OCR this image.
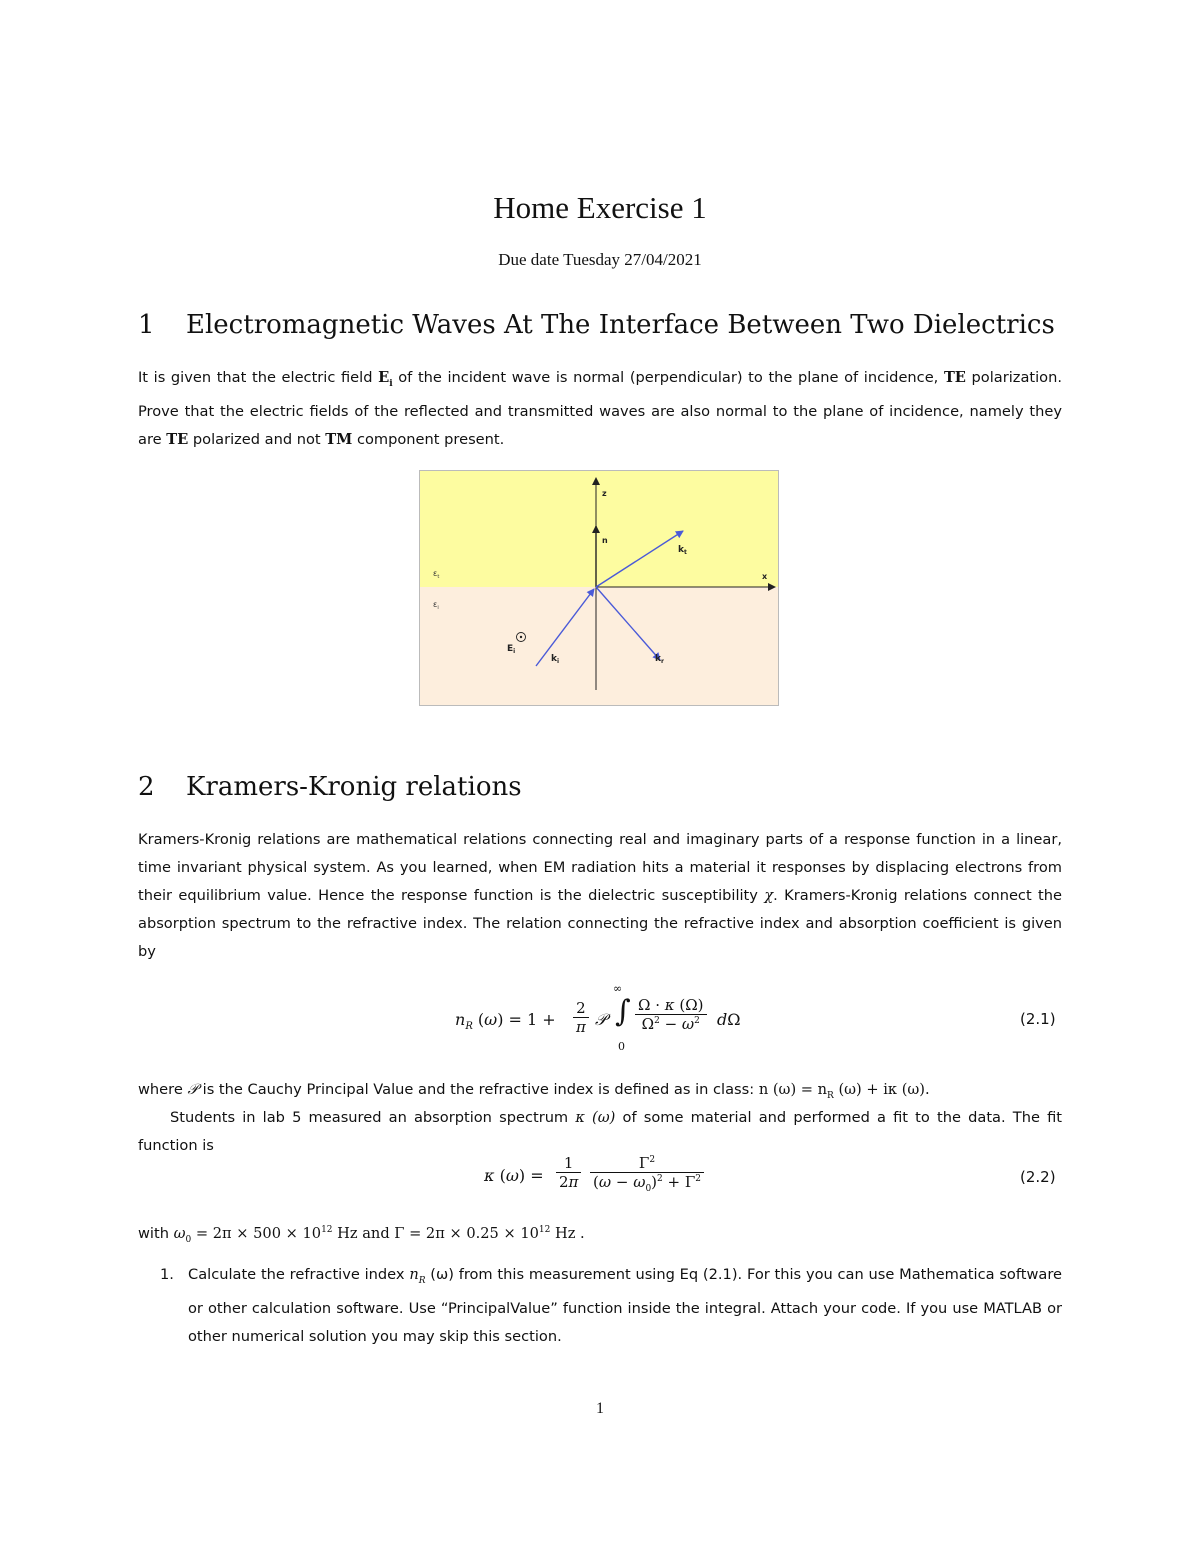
Home Exercise 1
Due date Tuesday 27/04/2021
1 Electromagnetic Waves At The Interface Between Two Dielectrics
It is given that the electric field $E_i$ of the incident wave is normal (perpendicular) to the plane of incidence, TE polarization. Prove that the electric fields of the reflected and transmitted waves are also normal to the plane of incidence, namely they are TE polarized and not TM component present.
z
x
n
$k_t$
$k_i$	$k_r$
$\varepsilon_t$
$\varepsilon_i$
$E_i$
2 Kramers-Kronig relations
Kramers-Kronig relations are mathematical relations connecting real and imaginary parts of a response function in a linear, time invariant physical system. As you learned, when EM radiation hits a material it responses by displacing electrons from their equilibrium value. Hence the response function is the dielectric susceptibility χ. Kramers-Kronig relations connect the absorption spectrum to the refractive index. The relation connecting the refractive index and absorption coefficient is given by
$n_R$ $(\omega) = 1 + \frac{2}{\pi}$ 𝒫
∞
∫
0
$\frac{\Omega \cdot \kappa (\Omega)}{\Omega^2 - \omega^2}$ dΩ	(2.1)
where 𝒫 is the Cauchy Principal Value and the refractive index is defined as in class: n $(\omega) = n_R$ (ω) + iκ (ω).
Students in lab 5 measured an absorption spectrum κ (ω) of some material and performed a fit to the data. The fit function is
κ $(\omega) = \frac{1}{2\pi} \frac{\Gamma^2}{(\omega - \omega_0)^2 + \Gamma^2}$	(2.2)
with $\omega_0 = 2\pi \times 500 \times 10^{12}$ Hz and $\Gamma = 2\pi \times 0.25 \times 10^{12}$ Hz .
1. Calculate the refractive index $n_R$ (ω) from this measurement using Eq (2.1). For this you can use Mathematica software or other calculation software. Use “PrincipalValue” function inside the integral. Attach your code. If you use MATLAB or other numerical solution you may skip this section.
1
